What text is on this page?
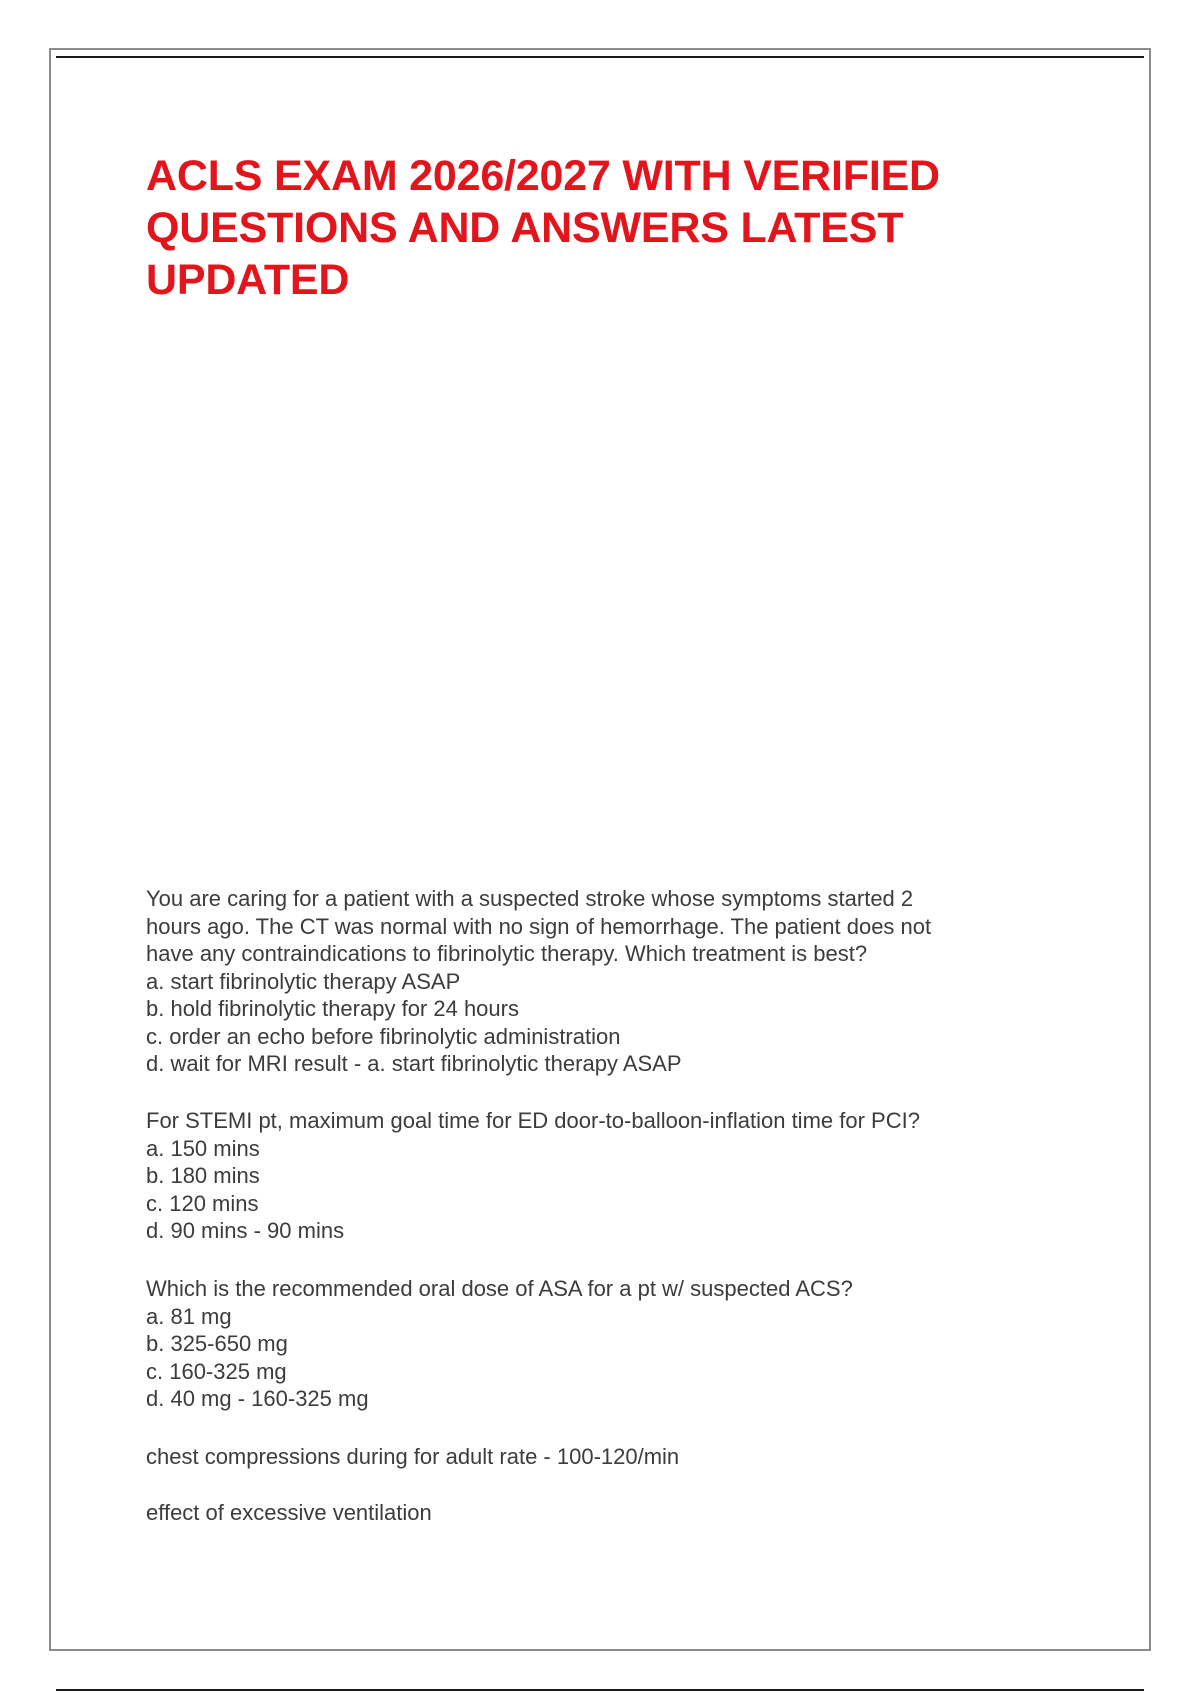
ACLS EXAM 2026/2027 WITH VERIFIED
QUESTIONS AND ANSWERS LATEST
UPDATED
You are caring for a patient with a suspected stroke whose symptoms started 2
hours ago. The CT was normal with no sign of hemorrhage. The patient does not
have any contraindications to fibrinolytic therapy. Which treatment is best?
a. start fibrinolytic therapy ASAP
b. hold fibrinolytic therapy for 24 hours
c. order an echo before fibrinolytic administration
d. wait for MRI result - a. start fibrinolytic therapy ASAP
For STEMI pt, maximum goal time for ED door-to-balloon-inflation time for PCI?
a. 150 mins
b. 180 mins
c. 120 mins
d. 90 mins - 90 mins
Which is the recommended oral dose of ASA for a pt w/ suspected ACS?
a. 81 mg
b. 325-650 mg
c. 160-325 mg
d. 40 mg - 160-325 mg
chest compressions during for adult rate - 100-120/min
effect of excessive ventilation
